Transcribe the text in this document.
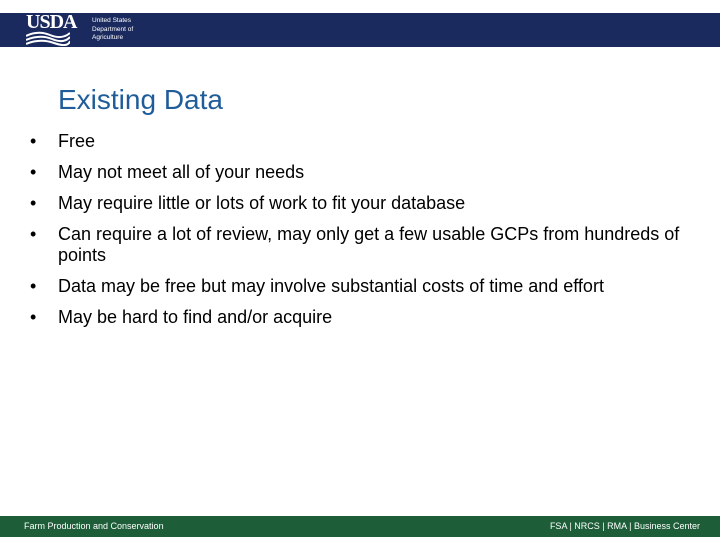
USDA United States
Department of
Agriculture
Existing Data
• Free
• May not meet all of your needs
• May require little or lots of work to fit your database
• Can require a lot of review, may only get a few usable GCPs from hundreds of points
• Data may be free but may involve substantial costs of time and effort
• May be hard to find and/or acquire
Farm Production and Conservation	FSA | NRCS | RMA | Business Center
